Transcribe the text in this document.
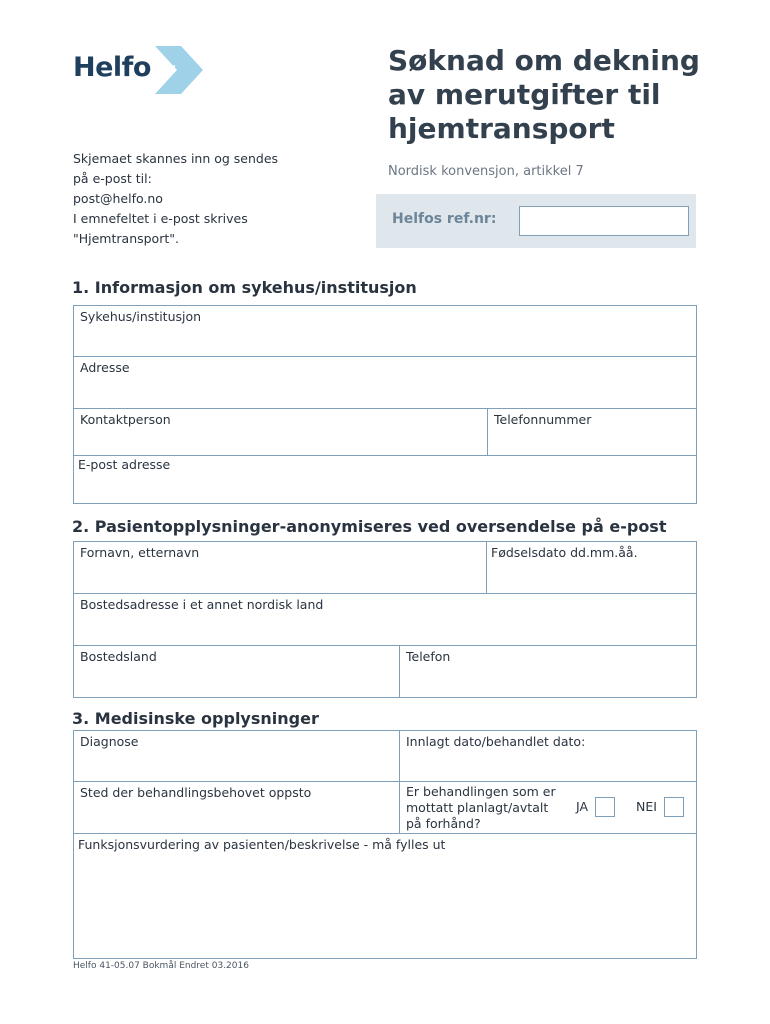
Helfo	Søknad om dekning
av merutgifter til
hjemtransport
Nordisk konvensjon, artikkel 7
Helfos ref.nr:
Skjemaet skannes inn og sendes
på e-post til:
post@helfo.no
I emnefeltet i e-post skrives
"Hjemtransport".
1. Informasjon om sykehus/institusjon
Sykehus/institusjon
Adresse
Kontaktperson	Telefonnummer
E-post adresse
2. Pasientopplysninger-anonymiseres ved oversendelse på e-post
Fornavn, etternavn	Fødselsdato dd.mm.åå.
Bostedsadresse i et annet nordisk land
Bostedsland	Telefon
3. Medisinske opplysninger
Diagnose	Innlagt dato/behandlet dato:
Sted der behandlingsbehovet oppsto	Er behandlingen som er
mottatt planlagt/avtalt
på forhånd?
JA	NEI
Funksjonsvurdering av pasienten/beskrivelse - må fylles ut
Helfo 41-05.07 Bokmål Endret 03.2016
